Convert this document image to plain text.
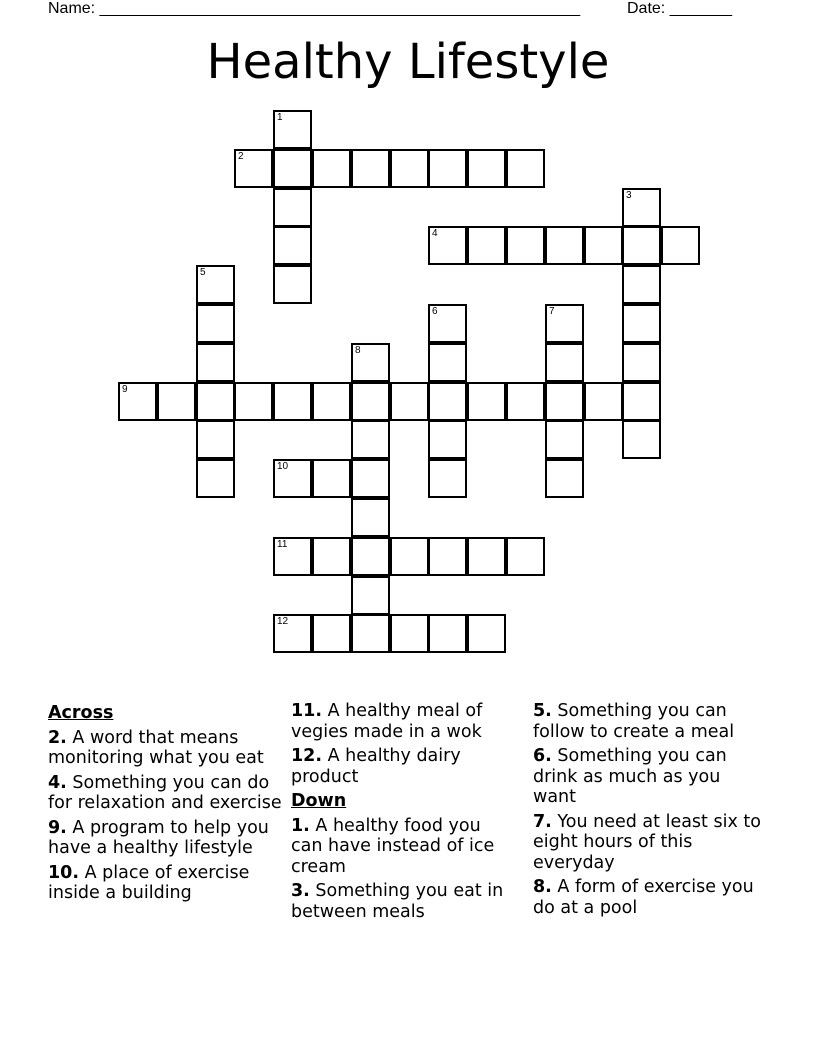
Name: ______________________________________________________	Date: _______
Healthy Lifestyle
1
2
3
4
5
6	7
8
9
10
11
12
Across
2. A word that means monitoring what you eat
4. Something you can do for relaxation and exercise
9. A program to help you have a healthy lifestyle
10. A place of exercise inside a building
11. A healthy meal of vegies made in a wok
12. A healthy dairy product
Down
1. A healthy food you can have instead of ice cream
3. Something you eat in between meals
5. Something you can follow to create a meal
6. Something you can drink as much as you want
7. You need at least six to eight hours of this everyday
8. A form of exercise you do at a pool
